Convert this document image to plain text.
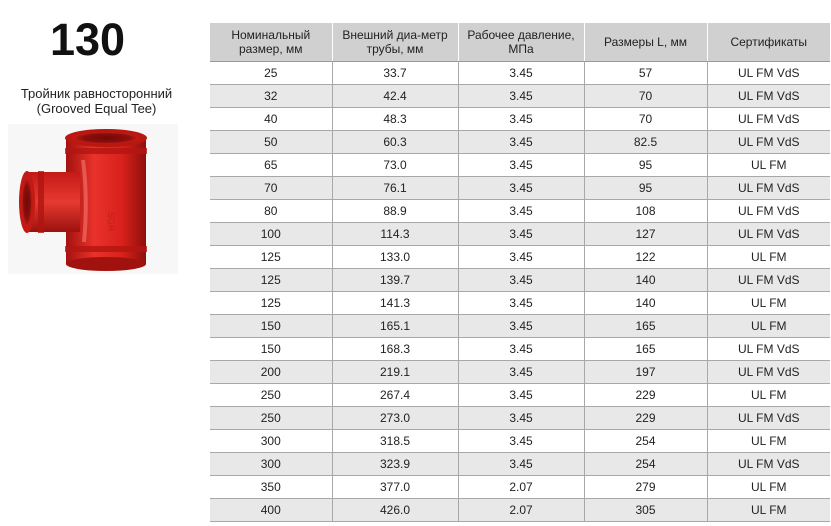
130
Тройник равносторонний
(Grooved Equal Tee)
SGR
Номинальный размер, мм	Внешний диа-метр трубы, мм	Рабочее давление, МПа	Размеры L, мм	Сертификаты
25	33.7	3.45	57	UL FM VdS
32	42.4	3.45	70	UL FM VdS
40	48.3	3.45	70	UL FM VdS
50	60.3	3.45	82.5	UL FM VdS
65	73.0	3.45	95	UL FM
70	76.1	3.45	95	UL FM VdS
80	88.9	3.45	108	UL FM VdS
100	114.3	3.45	127	UL FM VdS
125	133.0	3.45	122	UL FM
125	139.7	3.45	140	UL FM VdS
125	141.3	3.45	140	UL FM
150	165.1	3.45	165	UL FM
150	168.3	3.45	165	UL FM VdS
200	219.1	3.45	197	UL FM VdS
250	267.4	3.45	229	UL FM
250	273.0	3.45	229	UL FM VdS
300	318.5	3.45	254	UL FM
300	323.9	3.45	254	UL FM VdS
350	377.0	2.07	279	UL FM
400	426.0	2.07	305	UL FM
